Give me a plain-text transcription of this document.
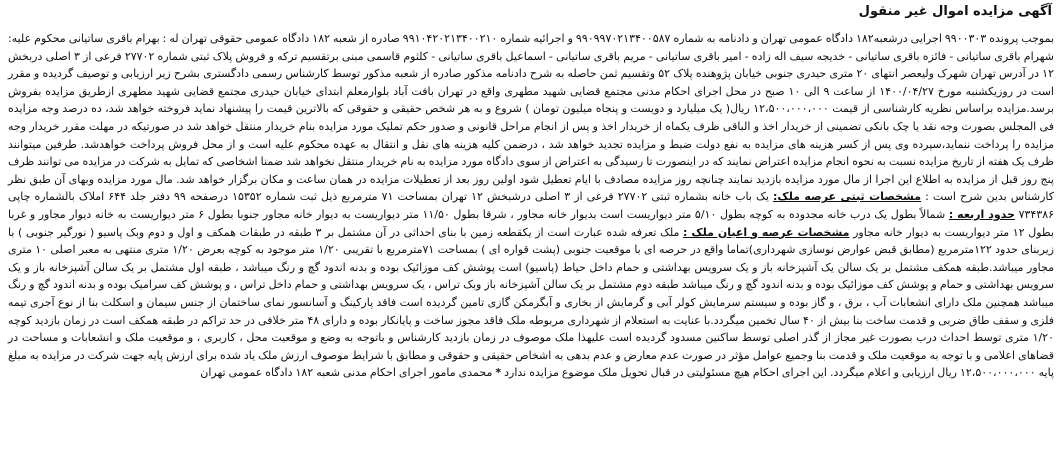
آگهی مزایده اموال غیر منقول
بموجب پرونده ۹۹۰۰۳۰۳ اجرایی درشعبه۱۸۲ دادگاه عمومی تهران و دادنامه به شماره ۹۹۰۹۹۷۰۲۱۳۴۰۰۵۸۷ و اجرائیه شماره ۹۹۱۰۴۲۰۲۱۳۴۰۰۲۱۰ صادره از شعبه ۱۸۲ دادگاه عمومی حقوقی تهران له : بهرام باقری ساتیانی محکوم علیه: شهرام باقری ساتیانی - فائزه باقری ساتیانی - خدیجه سیف اله زاده - امیر باقری ساتیانی - مریم باقری ساتیانی - اسماعیل باقری ساتیانی - کلثوم قاسمی مبنی برتقسیم ترکه و فروش پلاک ثبتی شماره ۲۷۷۰۲ فرعی از ۳ اصلی دربخش ۱۲ در آدرس تهران شهرک ولیعصر انتهای ۲۰ متری حیدری جنوبی خیابان پژوهنده پلاک ۵۲ وتقسیم ثمن حاصله به شرح دادنامه مذکور صادره از شعبه مذکور توسط کارشناس رسمی دادگستری بشرح زیر ارزیابی و توصیف گردیده و مقرر است در روزیکشنبه مورخ ۱۴۰۰/۰۴/۲۷ از ساعت ۹ الی ۱۰ صبح در محل اجرای احکام مدنی مجتمع قضایی شهید مطهری واقع در تهران بافت آباد بلوارمعلم ابتدای خیابان حیدری مجتمع قضایی شهید مطهری ازطریق مزایده بفروش برسد.مزایده براساس نظریه کارشناسی از قیمت ۱۲،۵۰۰،۰۰۰،۰۰۰ ریال( یک میلیارد و دویست و پنجاه میلیون تومان ) شروع و به هر شخص حقیقی و حقوقی که بالاترین قیمت را پیشنهاد نماید فروخته خواهد شد، ده درصد وجه مزایده فی المجلس بصورت وجه نقد یا چک بانکی تضمینی از خریدار اخذ و الباقی ظرف یکماه از خریدار اخذ و پس از انجام مراحل قانونی و صدور حکم تملیک مورد مزایده بنام خریدار منتقل خواهد شد در صورتیکه در مهلت مقرر خریدار وجه مزایده را پرداخت ننماید،سپرده وی پس از کسر هزینه های مزایده به نفع دولت ضبط و مزایده تجدید خواهد شد ، درضمن کلیه هزینه های نقل و انتقال به عهده محکوم علیه است و از محل فروش پرداخت خواهدشد. طرفین میتوانند ظرف یک هفته از تاریخ مزایده نسبت به نحوه انجام مزایده اعتراض نمایند که در اینصورت تا رسیدگی به اعتراض از سوی دادگاه مورد مزایده به نام خریدار منتقل نخواهد شد ضمنا اشخاصی که تمایل به شرکت در مزایده می توانند ظرف پنج روز قبل از مزایده به اطلاع این اجرا از مال مورد مزایده بازدید نمایند چنانچه روز مزایده مصادف با ایام تعطیل شود اولین روز بعد از تعطیلات مزایده در همان ساعت و مکان برگزار خواهد شد. مال مورد مزایده وبهای آن طبق نظر کارشناس بدین شرح است : مشخصات ثبتی عرصه ملک: یک باب خانه بشماره ثبتی ۲۷۷۰۲ فرعی از ۳ اصلی درشبخش ۱۲ تهران بمساحت ۷۱ مترمربع ذیل ثبت شماره ۱۵۳۵۲ درصفحه ۹۹ دفتر جلد ۶۴۴ املاک بالشماره چاپی ۷۳۴۳۸۶ حدود اربعه : شمالاً بطول یک درب خانه مجدوده به کوچه بطول ۵/۱۰ متر دیواریست است بدیوار خانه مجاور ، شرقا بطول ۱۱/۵۰ متر دیواریست به دیوار خانه مجاور جنوبا بطول ۶ متر دیواریست به خانه دیوار مجاور و غربا بطول ۱۲ متر دیواریست به دیوار خانه مجاور مشخصات عرصه و اعیان ملک : ملک تعرفه شده عبارت است از یکقطعه زمین با بنای احداثی در آن مشتمل بر ۳ طبقه در طبقات همکف و اول و دوم وبک پاسیو ( نورگیر جنوبی ) با زیربنای حدود ۱۲۲مترمربع (مطابق قبض عوارض نوسازی شهرداری)تماما واقع در حرصه ای با موقعیت جنوبی (پشت قواره ای ) بمساحت ۷۱مترمربع با تقریبی ۱/۲۰ متر موجود به کوچه بعرض ۱/۲۰ متری منتهی به معبر اصلی ۱۰ متری مجاور میباشد.طبقه همکف مشتمل بر یک سالن یک آشپزخانه باز و یک سرویس بهداشتی و حمام داخل حیاط (پاسیو) است پوشش کف موزائیک بوده و بدنه اندود گچ و رنگ میباشد ، طبقه اول مشتمل بر یک سالن آشپزخانه باز و یک سرویس بهداشتی و حمام و پوشش کف موزائیک بوده و بدنه اندود گچ و رنگ میباشد طبقه دوم مشتمل بر یک سالن آشپزخانه باز وبک تراس ، یک سرویس بهداشتی و حمام داخل تراس ، و پوشش کف سرامیک بوده و بدنه اندود گچ و رنگ میباشد همچنین ملک دارای انشعابات آب ، برق ، و گاز بوده و سیستم سرمایش کولر آبی و گرمایش از بخاری و آبگرمکن گازی تامین گردیده است فاقد پارکینگ و آسانسور نمای ساختمان از جنس سیمان و اسکلت بنا از نوع آجری تیمه فلزی و سقف طاق ضربی و قدمت ساخت بنا بیش از ۴۰ سال تخمین میگردد.با عنایت به استعلام از شهرداری مربوطه ملک فاقد مجوز ساخت و پایانکار بوده و دارای ۴۸ متر خلافی در حد تراکم در طبقه همکف است در زمان بازدید کوچه ۱/۲۰ متری توسط احداث درب بصورت غیر مجاز از گذر اصلی توسط ساکنین مسدود گردیده است علیهذا ملک موصوف در زمان بازدید کارشناس و باتوجه به وضع و موقعیت محل ، کاربری ، و موقعیت ملک و انشعابات و مساحت در قضاهای اعلامی و با توجه به موقعیت ملک و قدمت بنا وجمیع عوامل مؤثر در صورت عدم معارض و عدم بدهی به اشخاص حقیقی و حقوقی و مطابق با شرایط موصوف ارزش ملک یاد شده برای ارزش پایه جهت شرکت در مزایده به مبلغ پایه ۱۲،۵۰۰،۰۰۰،۰۰۰ ریال ارزیابی و اعلام میگردد. این اجرای احکام هیچ مسئولیتی در قبال تحویل ملک موضوع مزایده ندارد * محمدی مامور اجرای احکام مدنی شعبه ۱۸۲ دادگاه عمومی تهران
